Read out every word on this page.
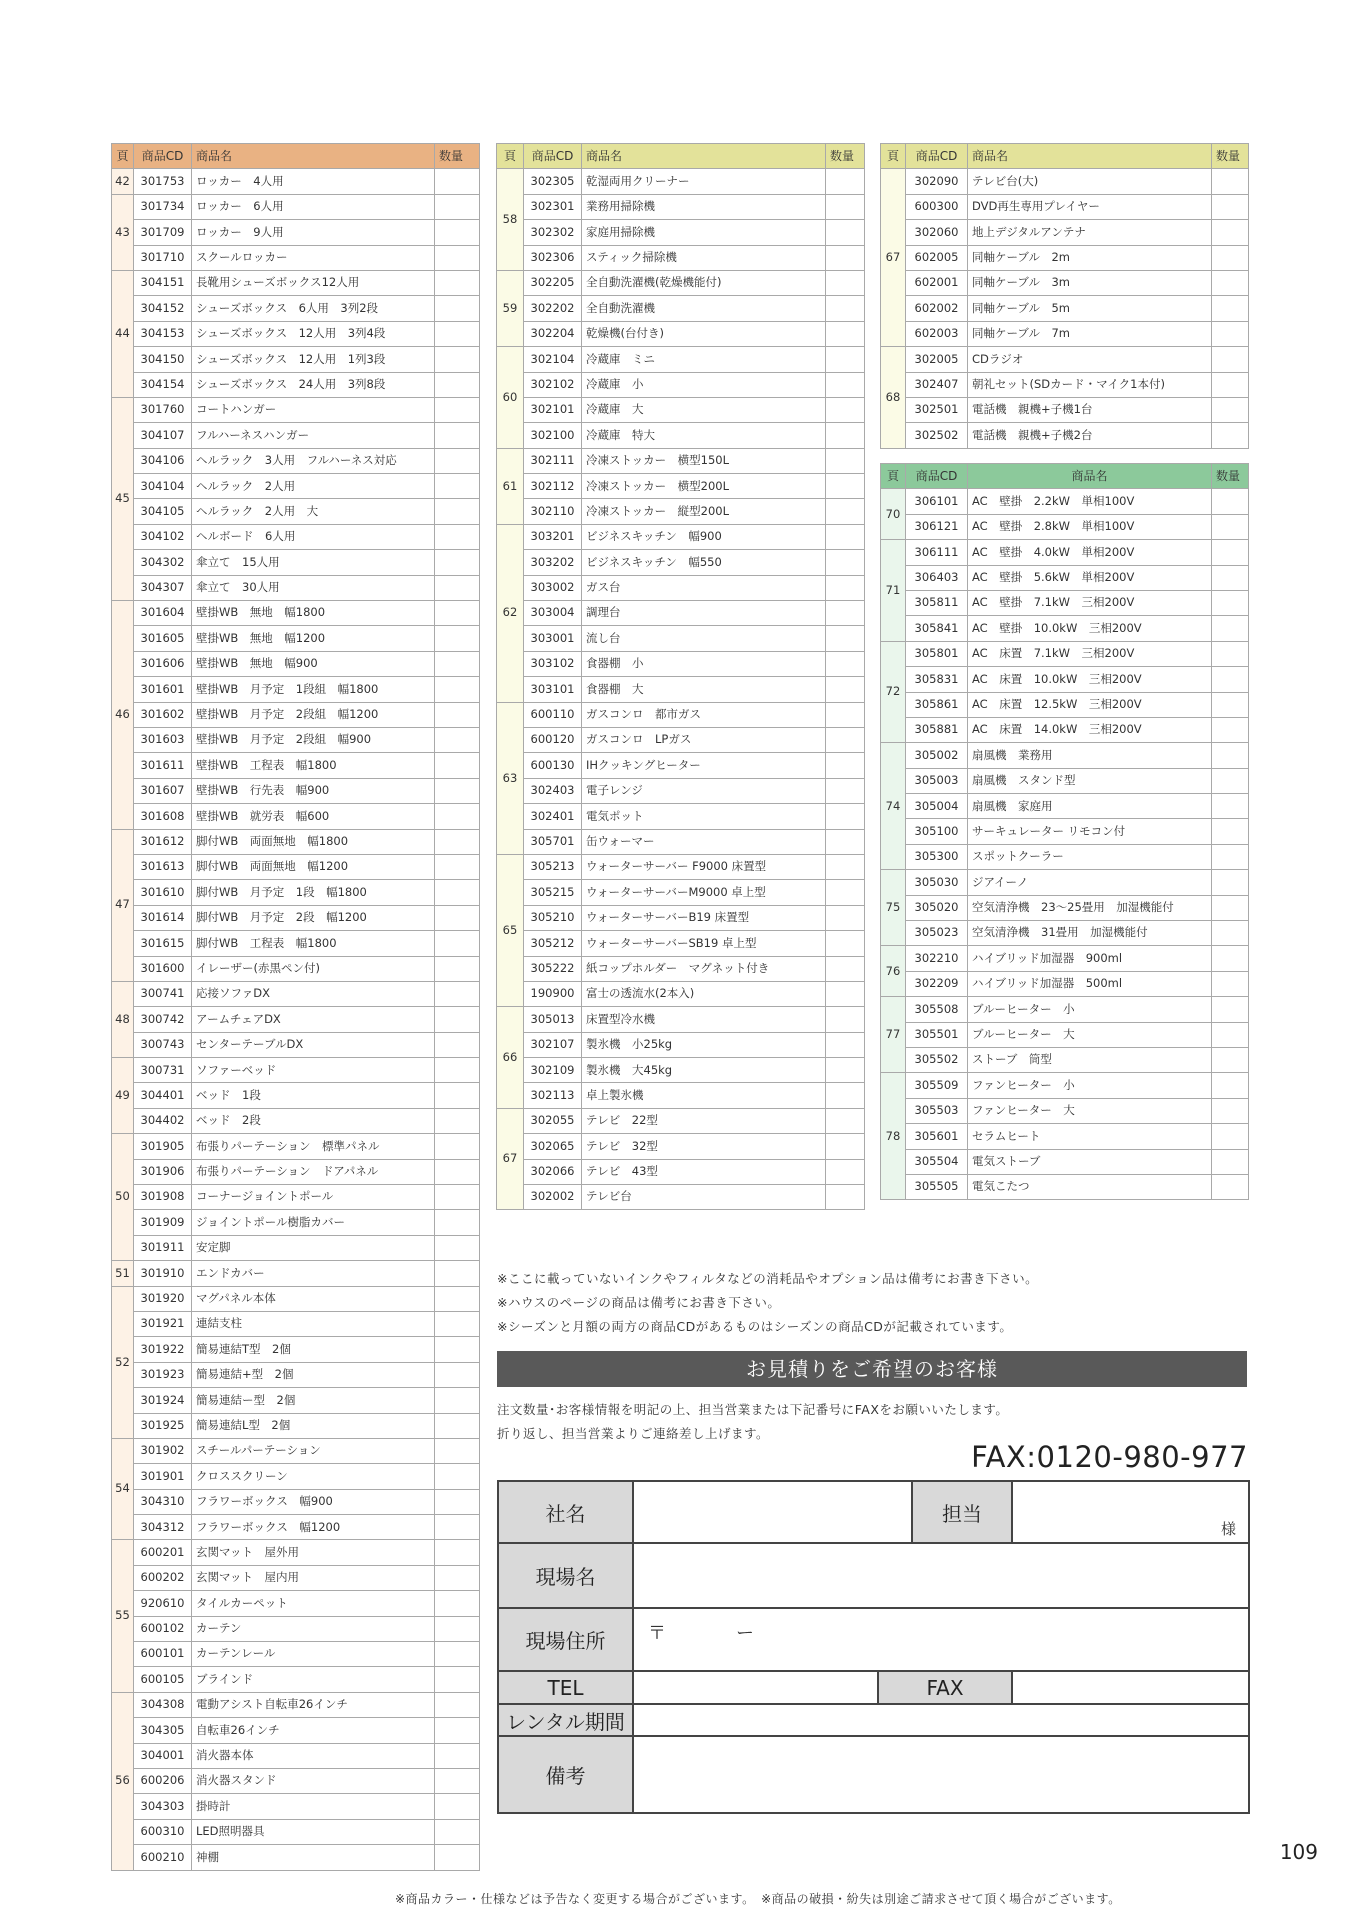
頁	商品CD	商品名	数量
42	301753	ロッカー　4人用	
43	301734	ロッカー　6人用	
	301709	ロッカー　9人用	
	301710	スクールロッカー	
44	304151	長靴用シューズボックス12人用	
	304152	シューズボックス　6人用　3列2段	
	304153	シューズボックス　12人用　3列4段	
	304150	シューズボックス　12人用　1列3段	
	304154	シューズボックス　24人用　3列8段	
45	301760	コートハンガー	
	304107	フルハーネスハンガー	
	304106	ヘルラック　3人用　フルハーネス対応	
	304104	ヘルラック　2人用	
	304105	ヘルラック　2人用　大	
	304102	ヘルボード　6人用	
	304302	傘立て　15人用	
	304307	傘立て　30人用	
46	301604	壁掛WB　無地　幅1800	
	301605	壁掛WB　無地　幅1200	
	301606	壁掛WB　無地　幅900	
	301601	壁掛WB　月予定　1段組　幅1800	
	301602	壁掛WB　月予定　2段組　幅1200	
	301603	壁掛WB　月予定　2段組　幅900	
	301611	壁掛WB　工程表　幅1800	
	301607	壁掛WB　行先表　幅900	
	301608	壁掛WB　就労表　幅600	
47	301612	脚付WB　両面無地　幅1800	
	301613	脚付WB　両面無地　幅1200	
	301610	脚付WB　月予定　1段　幅1800	
	301614	脚付WB　月予定　2段　幅1200	
	301615	脚付WB　工程表　幅1800	
	301600	イレーザー(赤黒ペン付)	
48	300741	応接ソファDX	
	300742	アームチェアDX	
	300743	センターテーブルDX	
49	300731	ソファーベッド	
	304401	ベッド　1段	
	304402	ベッド　2段	
50	301905	布張りパーテーション　標準パネル	
	301906	布張りパーテーション　ドアパネル	
	301908	コーナージョイントポール	
	301909	ジョイントポール樹脂カバー	
	301911	安定脚	
51	301910	エンドカバー	
52	301920	マグパネル本体	
	301921	連結支柱	
	301922	簡易連結T型　2個	
	301923	簡易連結+型　2個	
	301924	簡易連結ー型　2個	
	301925	簡易連結L型　2個	
54	301902	スチールパーテーション	
	301901	クロススクリーン	
	304310	フラワーボックス　幅900	
	304312	フラワーボックス　幅1200	
55	600201	玄関マット　屋外用	
	600202	玄関マット　屋内用	
	920610	タイルカーペット	
	600102	カーテン	
	600101	カーテンレール	
	600105	ブラインド	
56	304308	電動アシスト自転車26インチ	
	304305	自転車26インチ	
	304001	消火器本体	
	600206	消火器スタンド	
	304303	掛時計	
	600310	LED照明器具	
	600210	神棚	
頁	商品CD	商品名	数量
58	302305	乾湿両用クリーナー	
	302301	業務用掃除機	
	302302	家庭用掃除機	
	302306	スティック掃除機	
59	302205	全自動洗濯機(乾燥機能付)	
	302202	全自動洗濯機	
	302204	乾燥機(台付き)	
60	302104	冷蔵庫　ミニ	
	302102	冷蔵庫　小	
	302101	冷蔵庫　大	
	302100	冷蔵庫　特大	
61	302111	冷凍ストッカー　横型150L	
	302112	冷凍ストッカー　横型200L	
	302110	冷凍ストッカー　縦型200L	
62	303201	ビジネスキッチン　幅900	
	303202	ビジネスキッチン　幅550	
	303002	ガス台	
	303004	調理台	
	303001	流し台	
	303102	食器棚　小	
	303101	食器棚　大	
63	600110	ガスコンロ　都市ガス	
	600120	ガスコンロ　LPガス	
	600130	IHクッキングヒーター	
	302403	電子レンジ	
	302401	電気ポット	
	305701	缶ウォーマー	
65	305213	ウォーターサーバー F9000 床置型	
	305215	ウォーターサーバーM9000 卓上型	
	305210	ウォーターサーバーB19 床置型	
	305212	ウォーターサーバーSB19 卓上型	
	305222	紙コップホルダー　マグネット付き	
	190900	富士の透流水(2本入)	
66	305013	床置型冷水機	
	302107	製氷機　小25kg	
	302109	製氷機　大45kg	
	302113	卓上製氷機	
67	302055	テレビ　22型	
	302065	テレビ　32型	
	302066	テレビ　43型	
	302002	テレビ台	
頁	商品CD	商品名	数量
67	302090	テレビ台(大)	
	600300	DVD再生専用プレイヤー	
	302060	地上デジタルアンテナ	
	602005	同軸ケーブル　2m	
	602001	同軸ケーブル　3m	
	602002	同軸ケーブル　5m	
	602003	同軸ケーブル　7m	
68	302005	CDラジオ	
	302407	朝礼セット(SDカード・マイク1本付)	
	302501	電話機　親機+子機1台	
	302502	電話機　親機+子機2台	
頁	商品CD	商品名	数量
70	306101	AC　壁掛　2.2kW　単相100V	
	306121	AC　壁掛　2.8kW　単相100V	
71	306111	AC　壁掛　4.0kW　単相200V	
	306403	AC　壁掛　5.6kW　単相200V	
	305811	AC　壁掛　7.1kW　三相200V	
	305841	AC　壁掛　10.0kW　三相200V	
72	305801	AC　床置　7.1kW　三相200V	
	305831	AC　床置　10.0kW　三相200V	
	305861	AC　床置　12.5kW　三相200V	
	305881	AC　床置　14.0kW　三相200V	
74	305002	扇風機　業務用	
	305003	扇風機　スタンド型	
	305004	扇風機　家庭用	
	305100	サーキュレーター リモコン付	
	305300	スポットクーラー	
75	305030	ジアイーノ	
	305020	空気清浄機　23～25畳用　加湿機能付	
	305023	空気清浄機　31畳用　加湿機能付	
76	302210	ハイブリッド加湿器　900ml	
	302209	ハイブリッド加湿器　500ml	
77	305508	ブルーヒーター　小	
	305501	ブルーヒーター　大	
	305502	ストーブ　筒型	
78	305509	ファンヒーター　小	
	305503	ファンヒーター　大	
	305601	セラムヒート	
	305504	電気ストーブ	
	305505	電気こたつ	
※ここに載っていないインクやフィルタなどの消耗品やオプション品は備考にお書き下さい。
※ハウスのページの商品は備考にお書き下さい。
※シーズンと月額の両方の商品CDがあるものはシーズンの商品CDが記載されています。
お見積りをご希望のお客様
注文数量･お客様情報を明記の上、担当営業または下記番号にFAXをお願いいたします。
折り返し、担当営業よりご連絡差し上げます。
FAX:0120-980-977
社名			担当	様

現場名				
現場住所	〒 ー			
TEL		FAX		
レンタル期間				
備考				
109
※商品カラー・仕様などは予告なく変更する場合がございます。　※商品の破損・紛失は別途ご請求させて頂く場合がございます。
